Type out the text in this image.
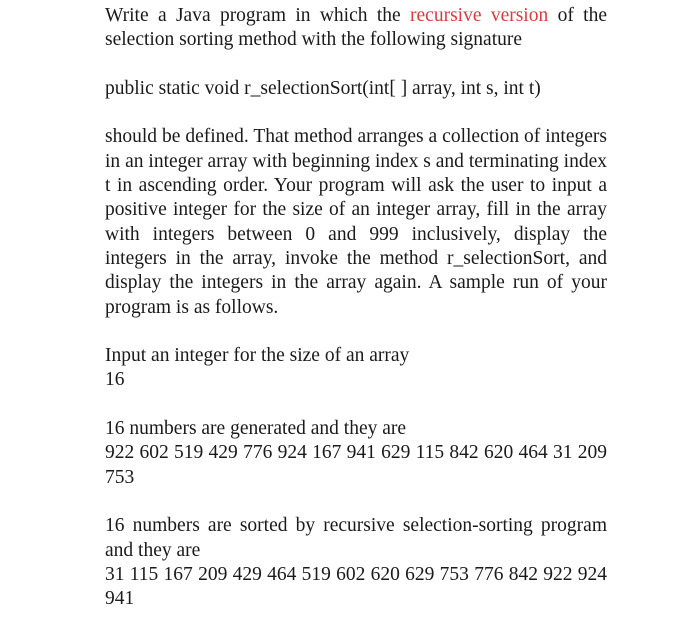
Write a Java program in which the recursive version of the selection sorting method with the following signature

public static void r_selectionSort(int[ ] array, int s, int t)

should be defined. That method arranges a collection of integers in an integer array with beginning index s and terminating index t in ascending order. Your program will ask the user to input a positive integer for the size of an integer array, fill in the array with integers between 0 and 999 inclusively, display the integers in the array, invoke the method r_selectionSort, and display the integers in the array again. A sample run of your program is as follows.

Input an integer for the size of an array
16

16 numbers are generated and they are
922 602 519 429 776 924 167 941 629 115 842 620 464 31 209 753

16 numbers are sorted by recursive selection-sorting program and they are
31 115 167 209 429 464 519 602 620 629 753 776 842 922 924 941
